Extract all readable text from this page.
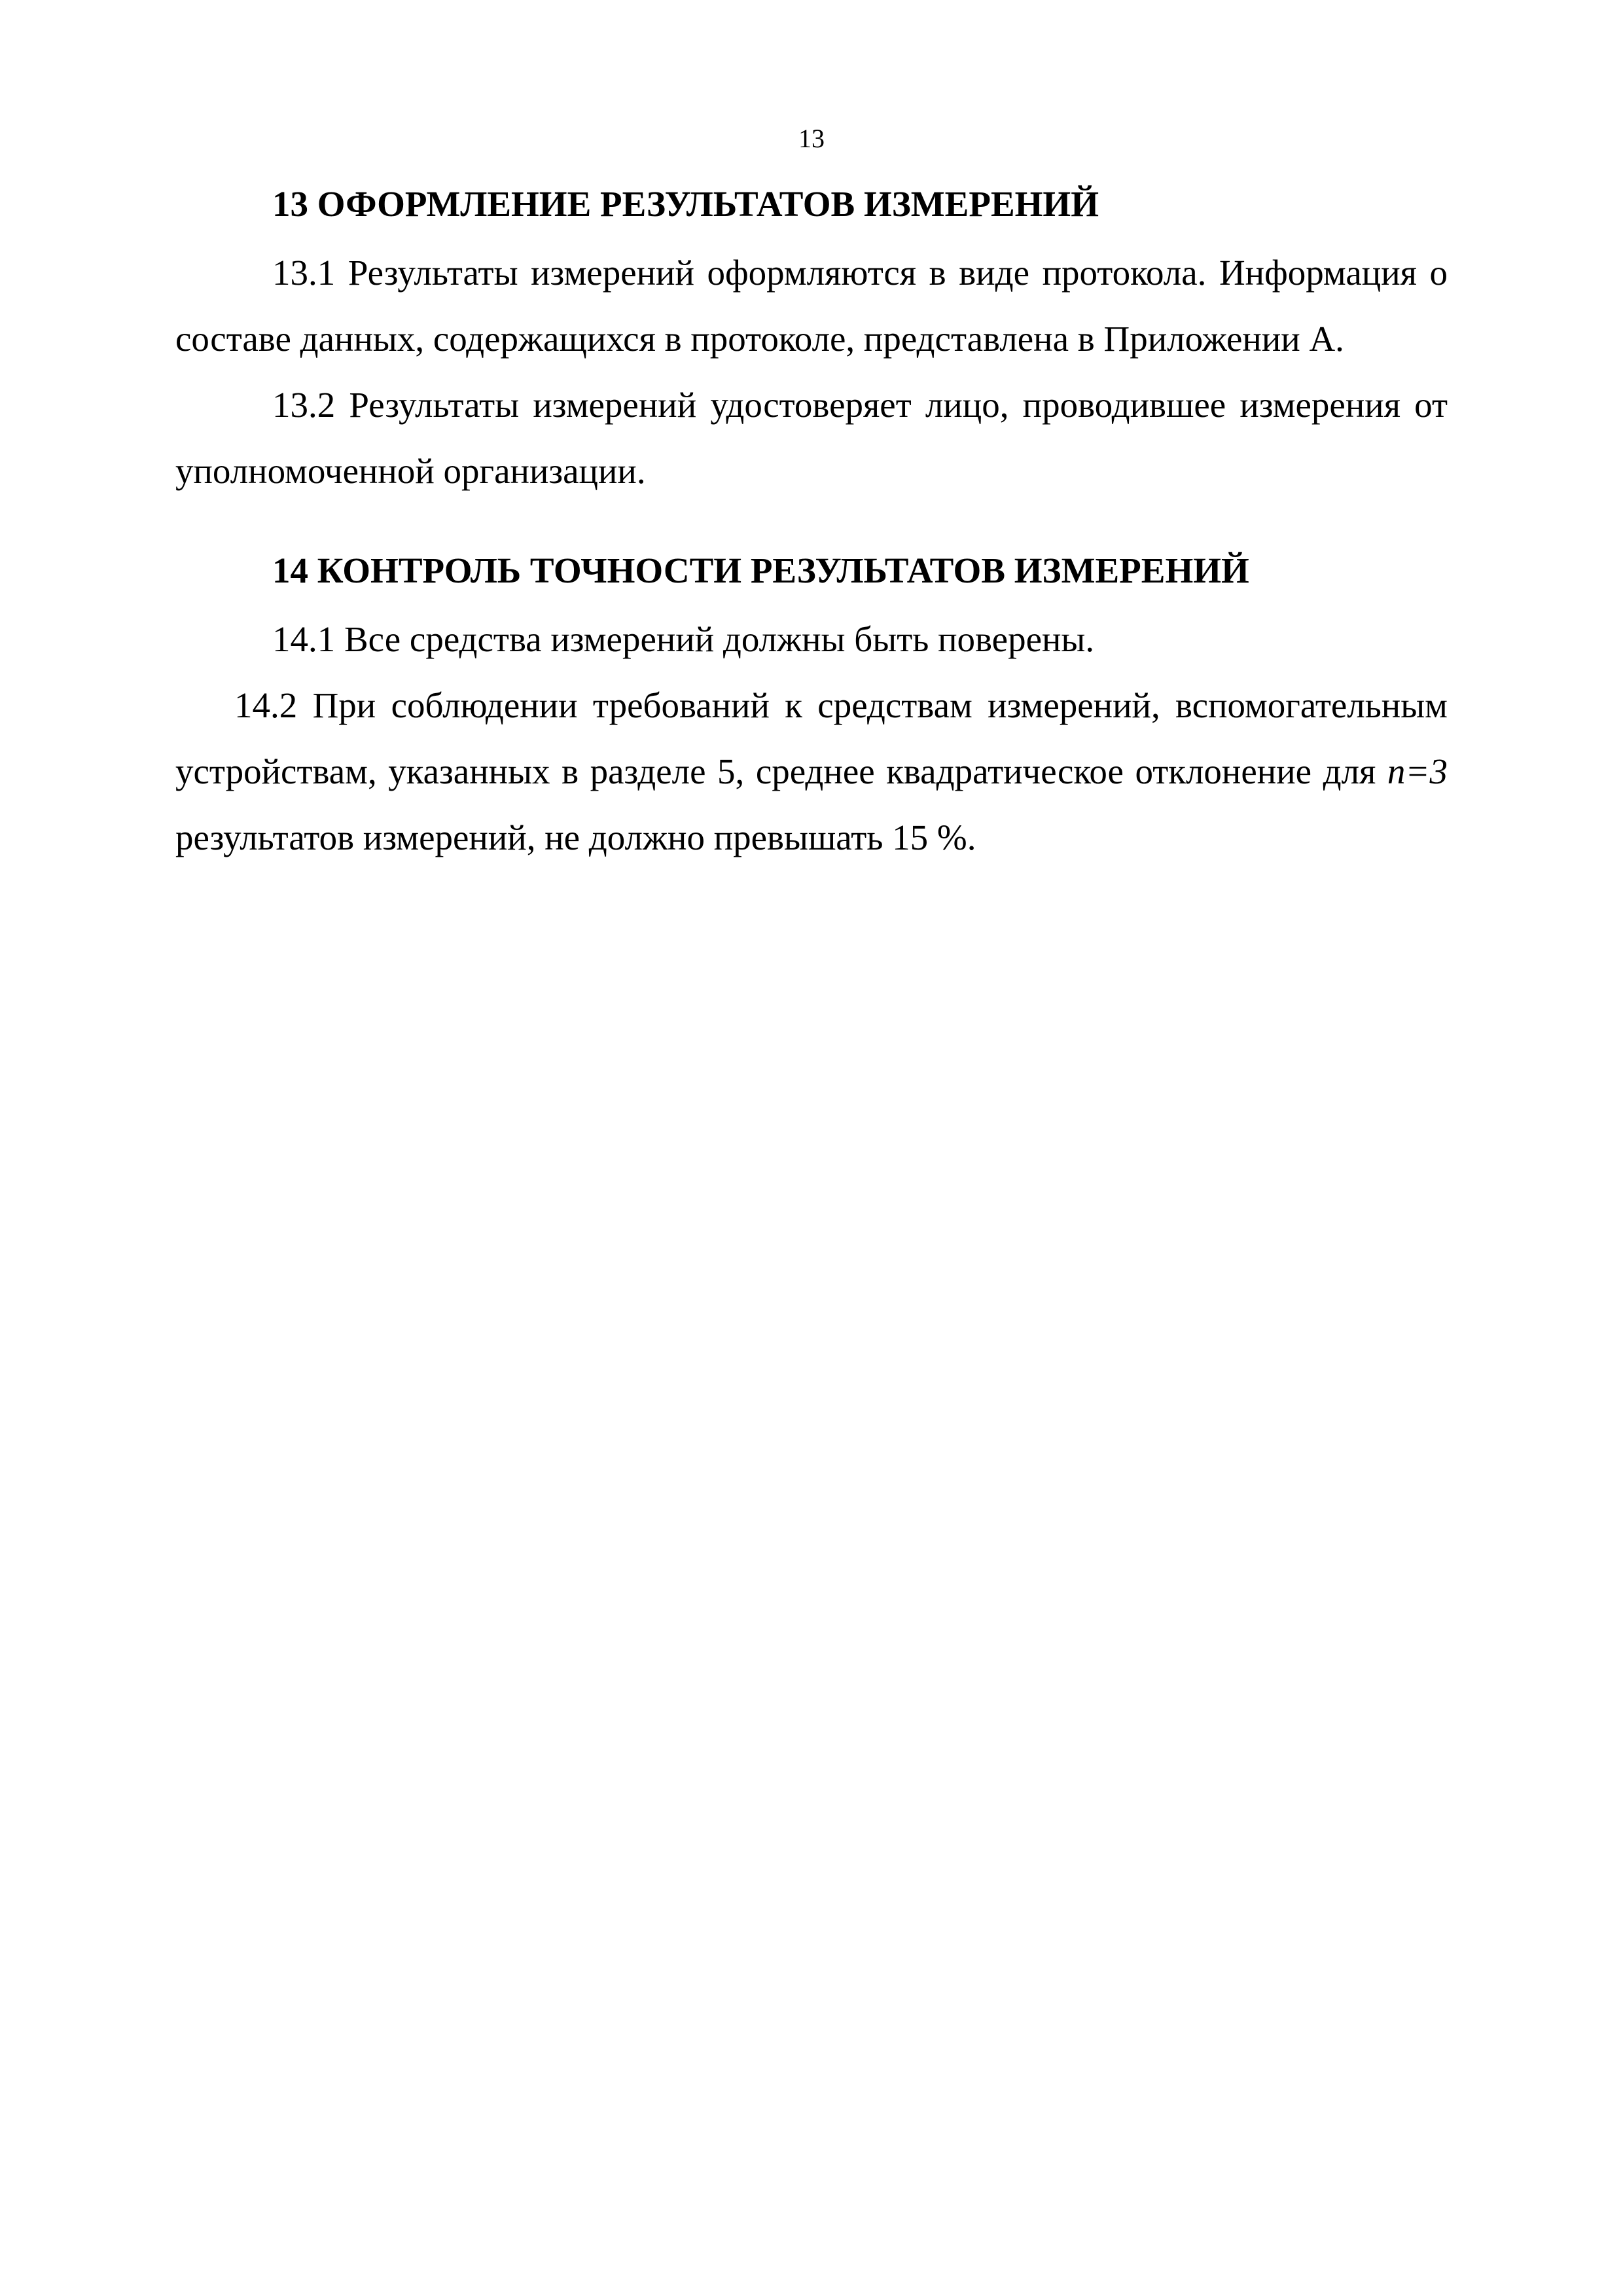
13

13 ОФОРМЛЕНИЕ РЕЗУЛЬТАТОВ ИЗМЕРЕНИЙ

13.1 Результаты измерений оформляются в виде протокола. Информация о составе данных, содержащихся в протоколе, представлена в Приложении А.

13.2 Результаты измерений удостоверяет лицо, проводившее измерения от уполномоченной организации.

14 КОНТРОЛЬ ТОЧНОСТИ РЕЗУЛЬТАТОВ ИЗМЕРЕНИЙ

14.1 Все средства измерений должны быть поверены.

14.2 При соблюдении требований к средствам измерений, вспомогательным устройствам, указанных в разделе 5, среднее квадратическое отклонение для n=3 результатов измерений, не должно превышать 15 %.
